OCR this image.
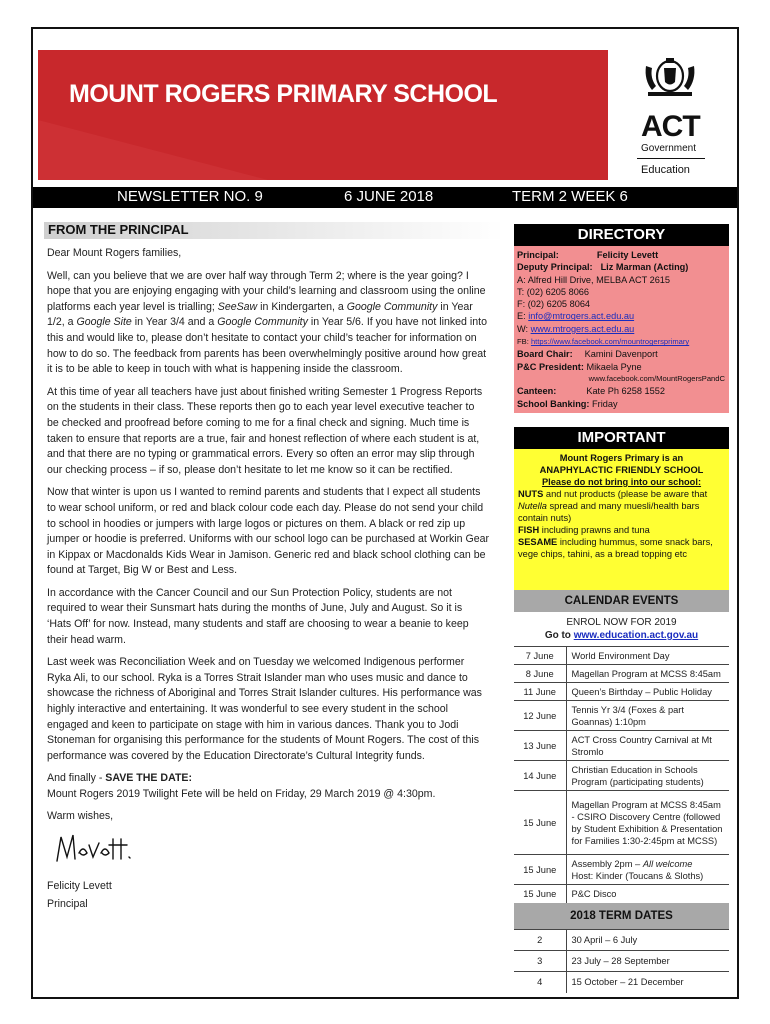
MOUNT ROGERS PRIMARY SCHOOL
ACT
Government
Education
NEWSLETTER NO. 9	6 JUNE 2018	TERM 2 WEEK 6
FROM THE PRINCIPAL

Dear Mount Rogers families,

Well, can you believe that we are over half way through Term 2; where is the year going? I hope that you are enjoying engaging with your child’s learning and classroom using the online platforms each year level is trialling; SeeSaw in Kindergarten, a Google Community in Year 1/2, a Google Site in Year 3/4 and a Google Community in Year 5/6. If you have not linked into this and would like to, please don’t hesitate to contact your child’s teacher for information on how to do so. The feedback from parents has been overwhelmingly positive around how great it is to be able to keep in touch with what is happening inside the classroom.

At this time of year all teachers have just about finished writing Semester 1 Progress Reports on the students in their class. These reports then go to each year level executive teacher to be checked and proofread before coming to me for a final check and signing. Much time is taken to ensure that reports are a true, fair and honest reflection of where each student is at, and that there are no typing or grammatical errors. Every so often an error may slip through our checking process – if so, please don’t hesitate to let me know so it can be rectified.

Now that winter is upon us I wanted to remind parents and students that I expect all students to wear school uniform, or red and black colour code each day. Please do not send your child to school in hoodies or jumpers with large logos or pictures on them. A black or red zip up jumper or hoodie is preferred. Uniforms with our school logo can be purchased at Workin Gear in Kippax or Macdonalds Kids Wear in Jamison. Generic red and black school clothing can be found at Target, Big W or Best and Less.

In accordance with the Cancer Council and our Sun Protection Policy, students are not required to wear their Sunsmart hats during the months of June, July and August. So it is ‘Hats Off’ for now. Instead, many students and staff are choosing to wear a beanie to keep their head warm.

Last week was Reconciliation Week and on Tuesday we welcomed Indigenous performer Ryka Ali, to our school. Ryka is a Torres Strait Islander man who uses music and dance to showcase the richness of Aboriginal and Torres Strait Islander cultures. His performance was highly interactive and entertaining. It was wonderful to see every student in the school engaged and keen to participate on stage with him in various dances. Thank you to Jodi Stoneman for organising this performance for the students of Mount Rogers. The cost of this performance was covered by the Education Directorate’s Cultural Integrity funds.

And finally - SAVE THE DATE:
Mount Rogers 2019 Twilight Fete will be held on Friday, 29 March 2019 @ 4:30pm.

Warm wishes,

Felicity Levett

Principal

DIRECTORY
Principal:	Felicity Levett
Deputy Principal: Liz Marman (Acting)
A: Alfred Hill Drive, MELBA ACT 2615
T: (02) 6205 8066
F: (02) 6205 8064
E: info@mtrogers.act.edu.au
W: www.mtrogers.act.edu.au
FB: https://www.facebook.com/mountrogersprimary
Board Chair: Kamini Davenport
P&C President: Mikaela Pyne
www.facebook.com/MountRogersPandC
Canteen:	Kate Ph 6258 1552
School Banking: Friday
IMPORTANT
Mount Rogers Primary is an
ANAPHYLACTIC FRIENDLY SCHOOL
Please do not bring into our school:
NUTS and nut products (please be aware that Nutella spread and many muesli/health bars contain nuts)
FISH including prawns and tuna
SESAME including hummus, some snack bars, vege chips, tahini, as a bread topping etc
CALENDAR EVENTS
ENROL NOW FOR 2019
Go to www.education.act.gov.au
7 June	World Environment Day
8 June	Magellan Program at MCSS 8:45am
11 June	Queen’s Birthday – Public Holiday
12 June	Tennis Yr 3/4 (Foxes & part Goannas) 1:10pm
13 June	ACT Cross Country Carnival at Mt Stromlo
14 June	Christian Education in Schools Program (participating students)
15 June	Magellan Program at MCSS 8:45am - CSIRO Discovery Centre (followed by Student Exhibition & Presentation for Families 1:30-2:45pm at MCSS)
15 June	Assembly 2pm – All welcome
Host: Kinder (Toucans & Sloths)
15 June	P&C Disco
2018 TERM DATES
2	30 April – 6 July
3	23 July – 28 September
4	15 October – 21 December
